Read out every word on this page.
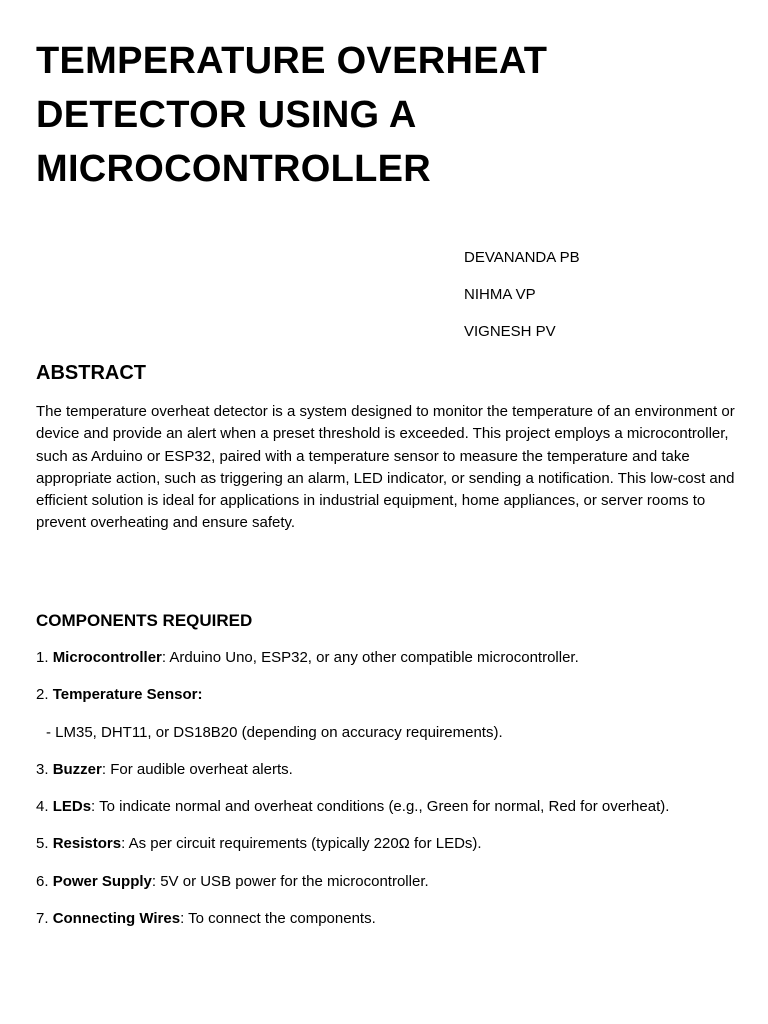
TEMPERATURE OVERHEAT DETECTOR USING A MICROCONTROLLER
DEVANANDA PB
NIHMA VP
VIGNESH PV
ABSTRACT

The temperature overheat detector is a system designed to monitor the temperature of an environment or device and provide an alert when a preset threshold is exceeded. This project employs a microcontroller, such as Arduino or ESP32, paired with a temperature sensor to measure the temperature and take appropriate action, such as triggering an alarm, LED indicator, or sending a notification. This low-cost and efficient solution is ideal for applications in industrial equipment, home appliances, or server rooms to prevent overheating and ensure safety.

COMPONENTS REQUIRED
1. Microcontroller: Arduino Uno, ESP32, or any other compatible microcontroller.
2. Temperature Sensor:
- LM35, DHT11, or DS18B20 (depending on accuracy requirements).
3. Buzzer: For audible overheat alerts.
4. LEDs: To indicate normal and overheat conditions (e.g., Green for normal, Red for overheat).
5. Resistors: As per circuit requirements (typically 220Ω for LEDs).
6. Power Supply: 5V or USB power for the microcontroller.
7. Connecting Wires: To connect the components.
